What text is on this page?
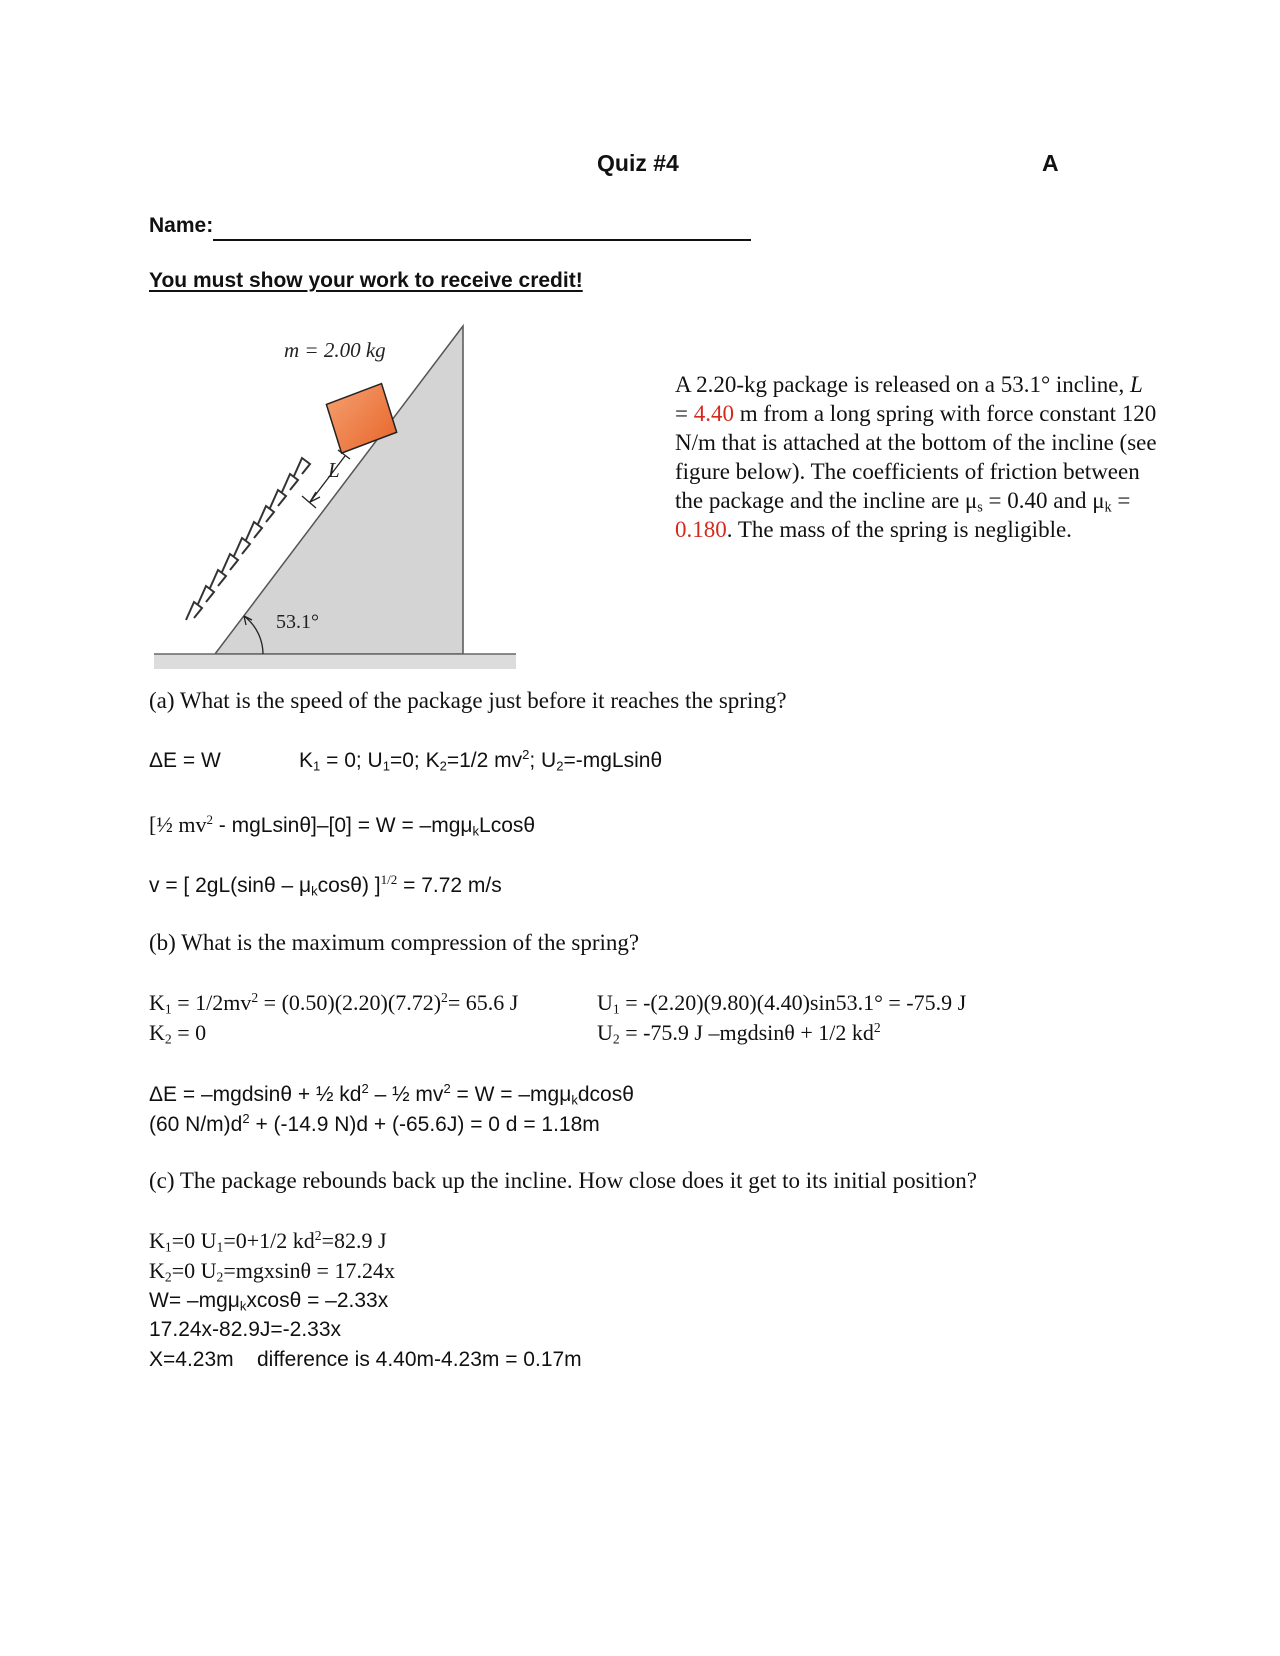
Quiz #4	A
Name:
You must show your work to receive credit!
m = 2.00 kg
L
53.1°
A 2.20-kg package is released on a 53.1° incline, L
= 4.40 m from a long spring with force constant 120
N/m that is attached at the bottom of the incline (see
figure below). The coefficients of friction between
the package and the incline are $\mu_s = 0.40$ and $\mu_k$ =
0.180. The mass of the spring is negligible.
(a) What is the speed of the package just before it reaches the spring?
ΔE = W	$K_1 = 0$; $U_1=0$; $K_2=1/2$ $mv^2$; $U_2=$-mgLsinθ
[½ $mv^2 - mgLsin\theta]-[0] = W = -mg\mu_kLcos\theta$
v = [ $2gL(\sin\theta - \mu_k\cos\theta)$ ]$^{1/2}$ = 7.72 m/s
(b) What is the maximum compression of the spring?
$K_1 = 1/2mv^2 = (0.50)(2.20)(7.72)^2= 65.6$ J
$K_2 = 0$
$U_1 = -(2.20)(9.80)(4.40)\sin 53.1^\circ = -75.9$ J
$U_2 = -75.9$ J –mgdsinθ + 1/2 $kd^2$
ΔE = –mgdsinθ + ½ $kd^2$ – ½ $mv^2 = W = -mg\mu_kdcos\theta$
(60 $N/m)d^2 + (-14.9$ N)d + (-65.6J) = 0 d = 1.18m
(c) The package rebounds back up the incline. How close does it get to its initial position?
$K_1=0$ $U_1=0+1/2$ $kd^2=82.9$ J
$K_2=0$ $U_2=mgxsin\theta = 17.24x$
W= –mgμ$_k$xcosθ = –2.33x
17.24x-82.9J=-2.33x
X=4.23m    difference is 4.40m-4.23m = 0.17m
